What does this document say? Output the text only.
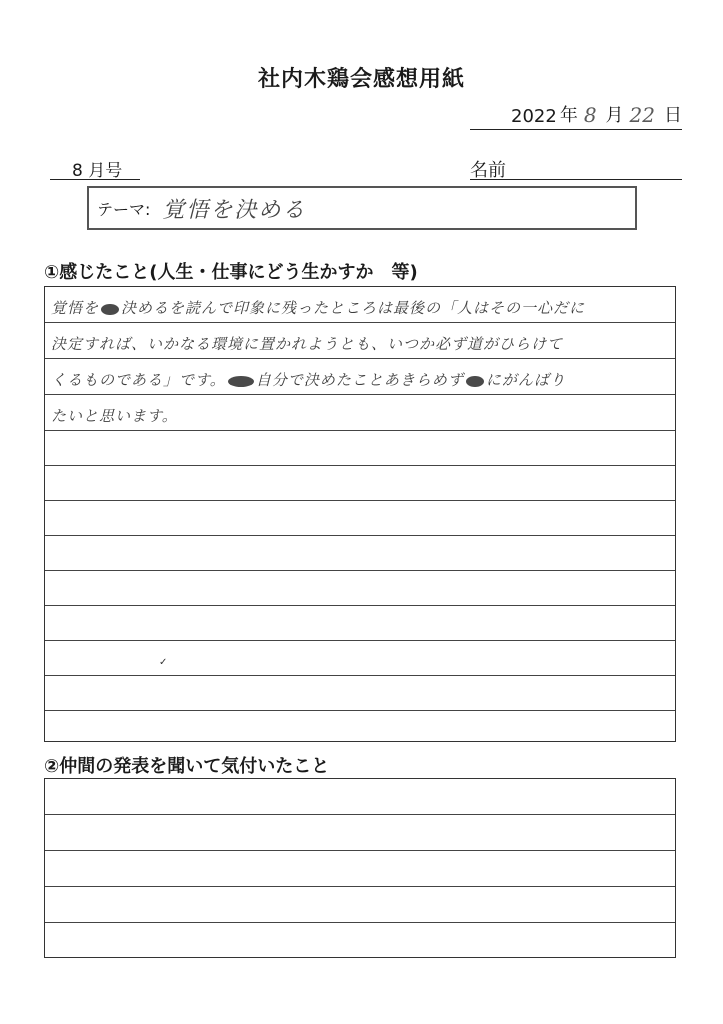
社内木鶏会感想用紙
2022 年 8 月 22 日
8 月号	名前
テーマ: 覚悟を決める
①感じたこと(人生・仕事にどう生かすか　等)
覚悟を 決めるを読んで印象に残ったところは最後の「人はその一心だに
決定すれば、いかなる環境に置かれようとも、いつか必ず道がひらけて
くるものである」です。 自分で決めたことあきらめず にがんばり
たいと思います。
✓
②仲間の発表を聞いて気付いたこと
